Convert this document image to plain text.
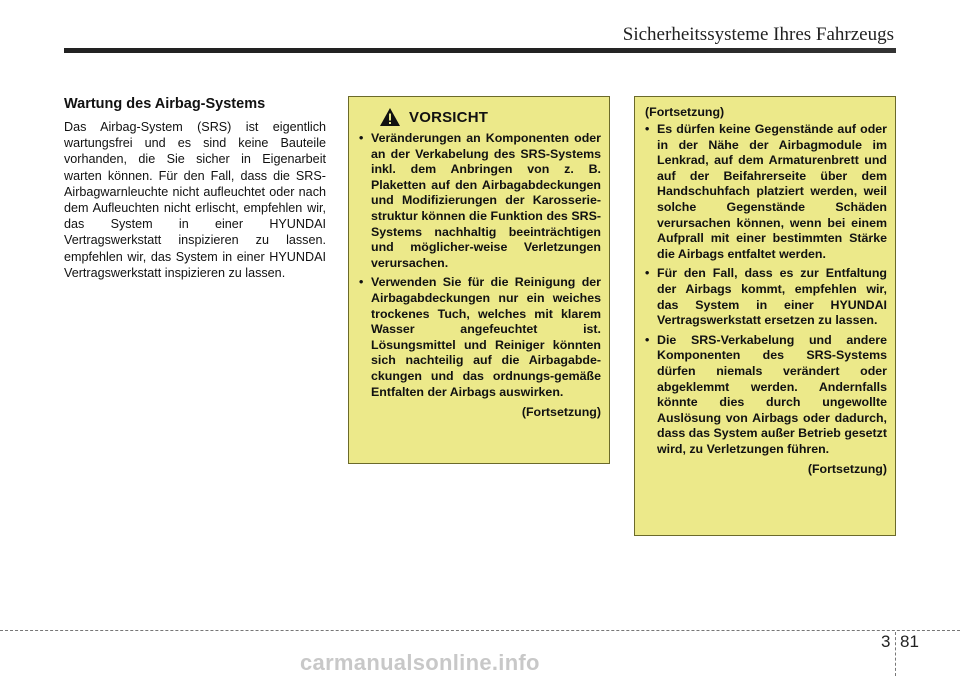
Sicherheitssysteme Ihres Fahrzeugs
Wartung des Airbag-Systems

Das Airbag-System (SRS) ist eigentlich wartungsfrei und es sind keine Bauteile vorhanden, die Sie sicher in Eigenarbeit warten können. Für den Fall, dass die SRS-Airbagwarnleuchte nicht aufleuchtet oder nach dem Aufleuchten nicht erlischt, empfehlen wir, das System in einer HYUNDAI Vertragswerkstatt inspizieren zu lassen. empfehlen wir, das System in einer HYUNDAI Vertragswerkstatt inspizieren zu lassen.

VORSICHT
• Veränderungen an Komponenten oder an der Verkabelung des SRS-Systems inkl. dem Anbringen von z. B. Plaketten auf den Airbagabdeckungen und Modifizierungen der Karosserie-struktur können die Funktion des SRS-Systems nachhaltig beeinträchtigen und möglicher-weise Verletzungen verursachen.
• Verwenden Sie für die Reinigung der Airbagabdeckungen nur ein weiches trockenes Tuch, welches mit klarem Wasser angefeuchtet ist. Lösungsmittel und Reiniger könnten sich nachteilig auf die Airbagabde-ckungen und das ordnungs-gemäße Entfalten der Airbags auswirken.
(Fortsetzung)
(Fortsetzung)
• Es dürfen keine Gegenstände auf oder in der Nähe der Airbagmodule im Lenkrad, auf dem Armaturenbrett und auf der Beifahrerseite über dem Handschuhfach platziert werden, weil solche Gegenstände Schäden verursachen können, wenn bei einem Aufprall mit einer bestimmten Stärke die Airbags entfaltet werden.
• Für den Fall, dass es zur Entfaltung der Airbags kommt, empfehlen wir, das System in einer HYUNDAI Vertragswerkstatt ersetzen zu lassen.
• Die SRS-Verkabelung und andere Komponenten des SRS-Systems dürfen niemals verändert oder abgeklemmt werden. Andernfalls könnte dies durch ungewollte Auslösung von Airbags oder dadurch, dass das System außer Betrieb gesetzt wird, zu Verletzungen führen.
(Fortsetzung)
3 81
carmanualsonline.info
